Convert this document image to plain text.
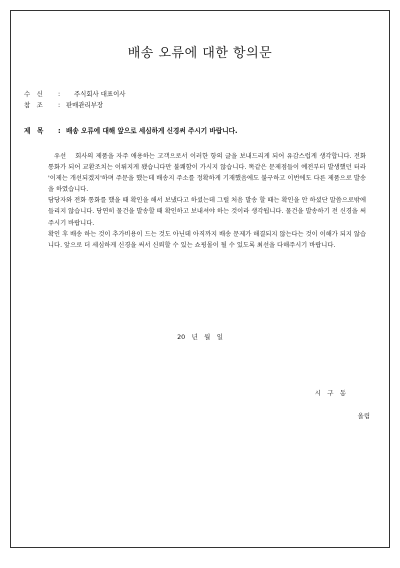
배송 오류에 대한 항의문
수　신 : 주식회사 대표이사
참　조 : 판매관리부장
제　목 : 배송 오류에 대해 앞으로 세심하게 신경써 주시기 바랍니다.

우선 　회사의 제품을 자주 애용하는 고객으로서 이러한 항의 글을 보내드리게 되어 유감스럽게 생각합니다. 전화 통화가 되어 교환조치는 이뤄지게 됐습니다만 불쾌함이 가시지 않습니다. 똑같은 문제점들이 예전부터 발생했던 터라 '이제는 개선되겠지'하며 주문을 했는데 배송지 주소를 정확하게 기재했음에도 불구하고 이번에도 다른 제품으로 발송을 하였습니다.

담당자와 전화 통화를 했을 때 확인을 해서 보냈다고 하셨는데 그럴 처음 발송 할 때는 확인을 안 하셨단 말씀으로밖에 들리지 않습니다. 당연히 물건을 발송할 때 확인하고 보내셔야 하는 것이라 생각됩니다. 물건을 발송하기 전 신경을 써주시기 바랍니다.

확인 후 배송 하는 것이 추가비용이 드는 것도 아닌데 아직까지 배송 문제가 해결되지 않는다는 것이 이해가 되지 않습니다. 앞으로 더 세심하게 신경을 써서 신뢰할 수 있는 쇼핑몰이 될 수 있도록 최선을 다해주시기 바랍니다.

20　년　월　일
시　구　동
올림
